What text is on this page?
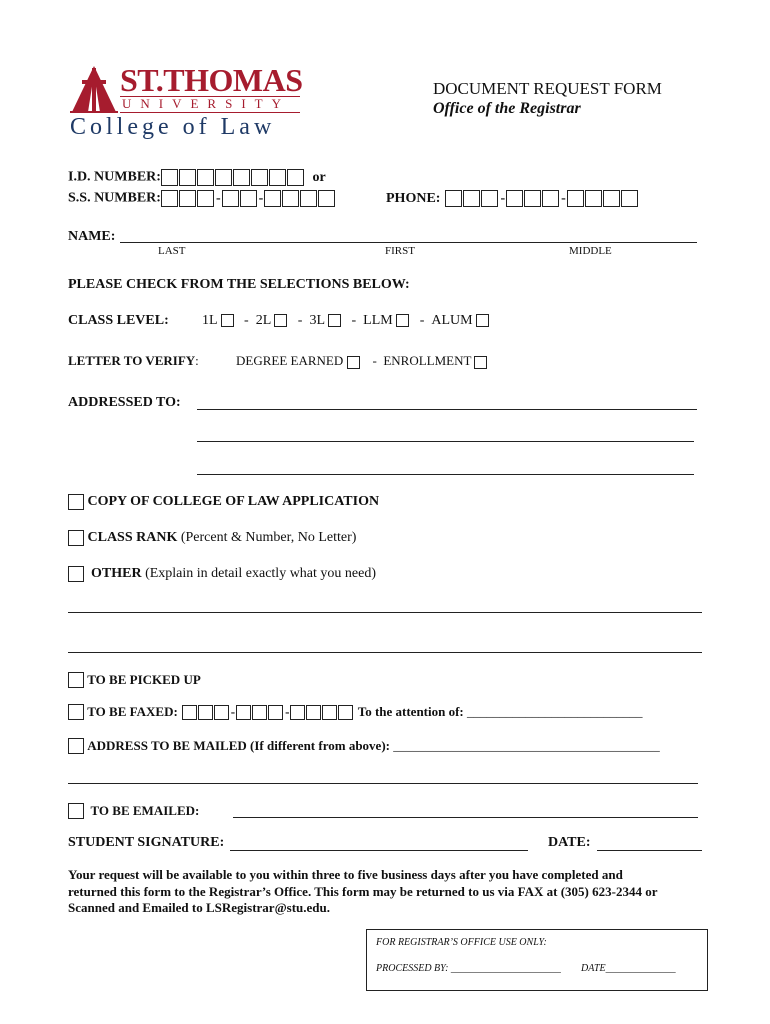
ST.THOMAS
UNIVERSITY
College of Law
DOCUMENT REQUEST FORM
Office of the Registrar
I.D. NUMBER:	or
S.S. NUMBER:	-	-	PHONE:	-	-
NAME:
LAST	FIRST	MIDDLE
PLEASE CHECK FROM THE SELECTIONS BELOW:
CLASS LEVEL: 1L    -  2L    -  3L    -  LLM    -  ALUM
LETTER TO VERIFY:	DEGREE EARNED     -  ENROLLMENT
ADDRESSED TO:
COPY OF COLLEGE OF LAW APPLICATION
CLASS RANK (Percent & Number, No Letter)
OTHER (Explain in detail exactly what you need)
TO BE PICKED UP
TO BE FAXED:	-	-	To the attention of: ___________________________
ADDRESS TO BE MAILED (If different from above): _________________________________________
TO BE EMAILED:
STUDENT SIGNATURE:	DATE:
Your request will be available to you within three to five business days after you have completed and
returned this form to the Registrar’s Office. This form may be returned to us via FAX at (305) 623-2344 or
Scanned and Emailed to LSRegistrar@stu.edu.
FOR REGISTRAR’S OFFICE USE ONLY:
PROCESSED BY: ______________________ DATE______________
